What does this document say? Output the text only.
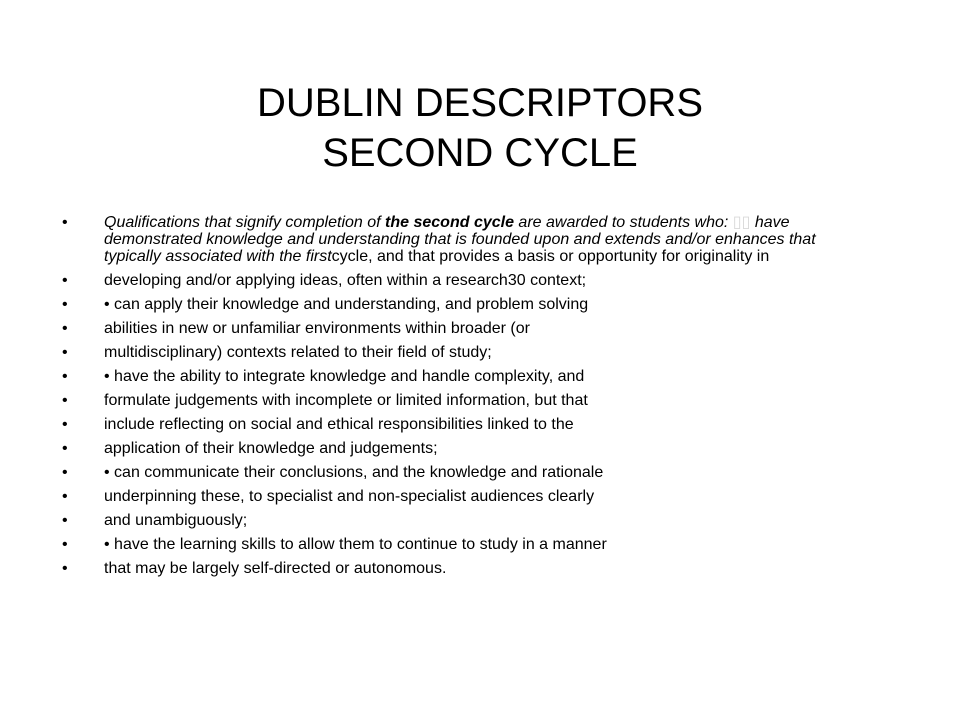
DUBLIN DESCRIPTORS
SECOND CYCLE
• Qualifications that signify completion of the second cycle are awarded to students who: ▯▯ have demonstrated knowledge and understanding that is founded upon and extends and/or enhances that typically associated with the firstcycle, and that provides a basis or opportunity for originality in
• developing and/or applying ideas, often within a research30 context;
• • can apply their knowledge and understanding, and problem solving
• abilities in new or unfamiliar environments within broader (or
• multidisciplinary) contexts related to their field of study;
• • have the ability to integrate knowledge and handle complexity, and
• formulate judgements with incomplete or limited information, but that
• include reflecting on social and ethical responsibilities linked to the
• application of their knowledge and judgements;
• • can communicate their conclusions, and the knowledge and rationale
• underpinning these, to specialist and non-specialist audiences clearly
• and unambiguously;
• • have the learning skills to allow them to continue to study in a manner
• that may be largely self-directed or autonomous.
